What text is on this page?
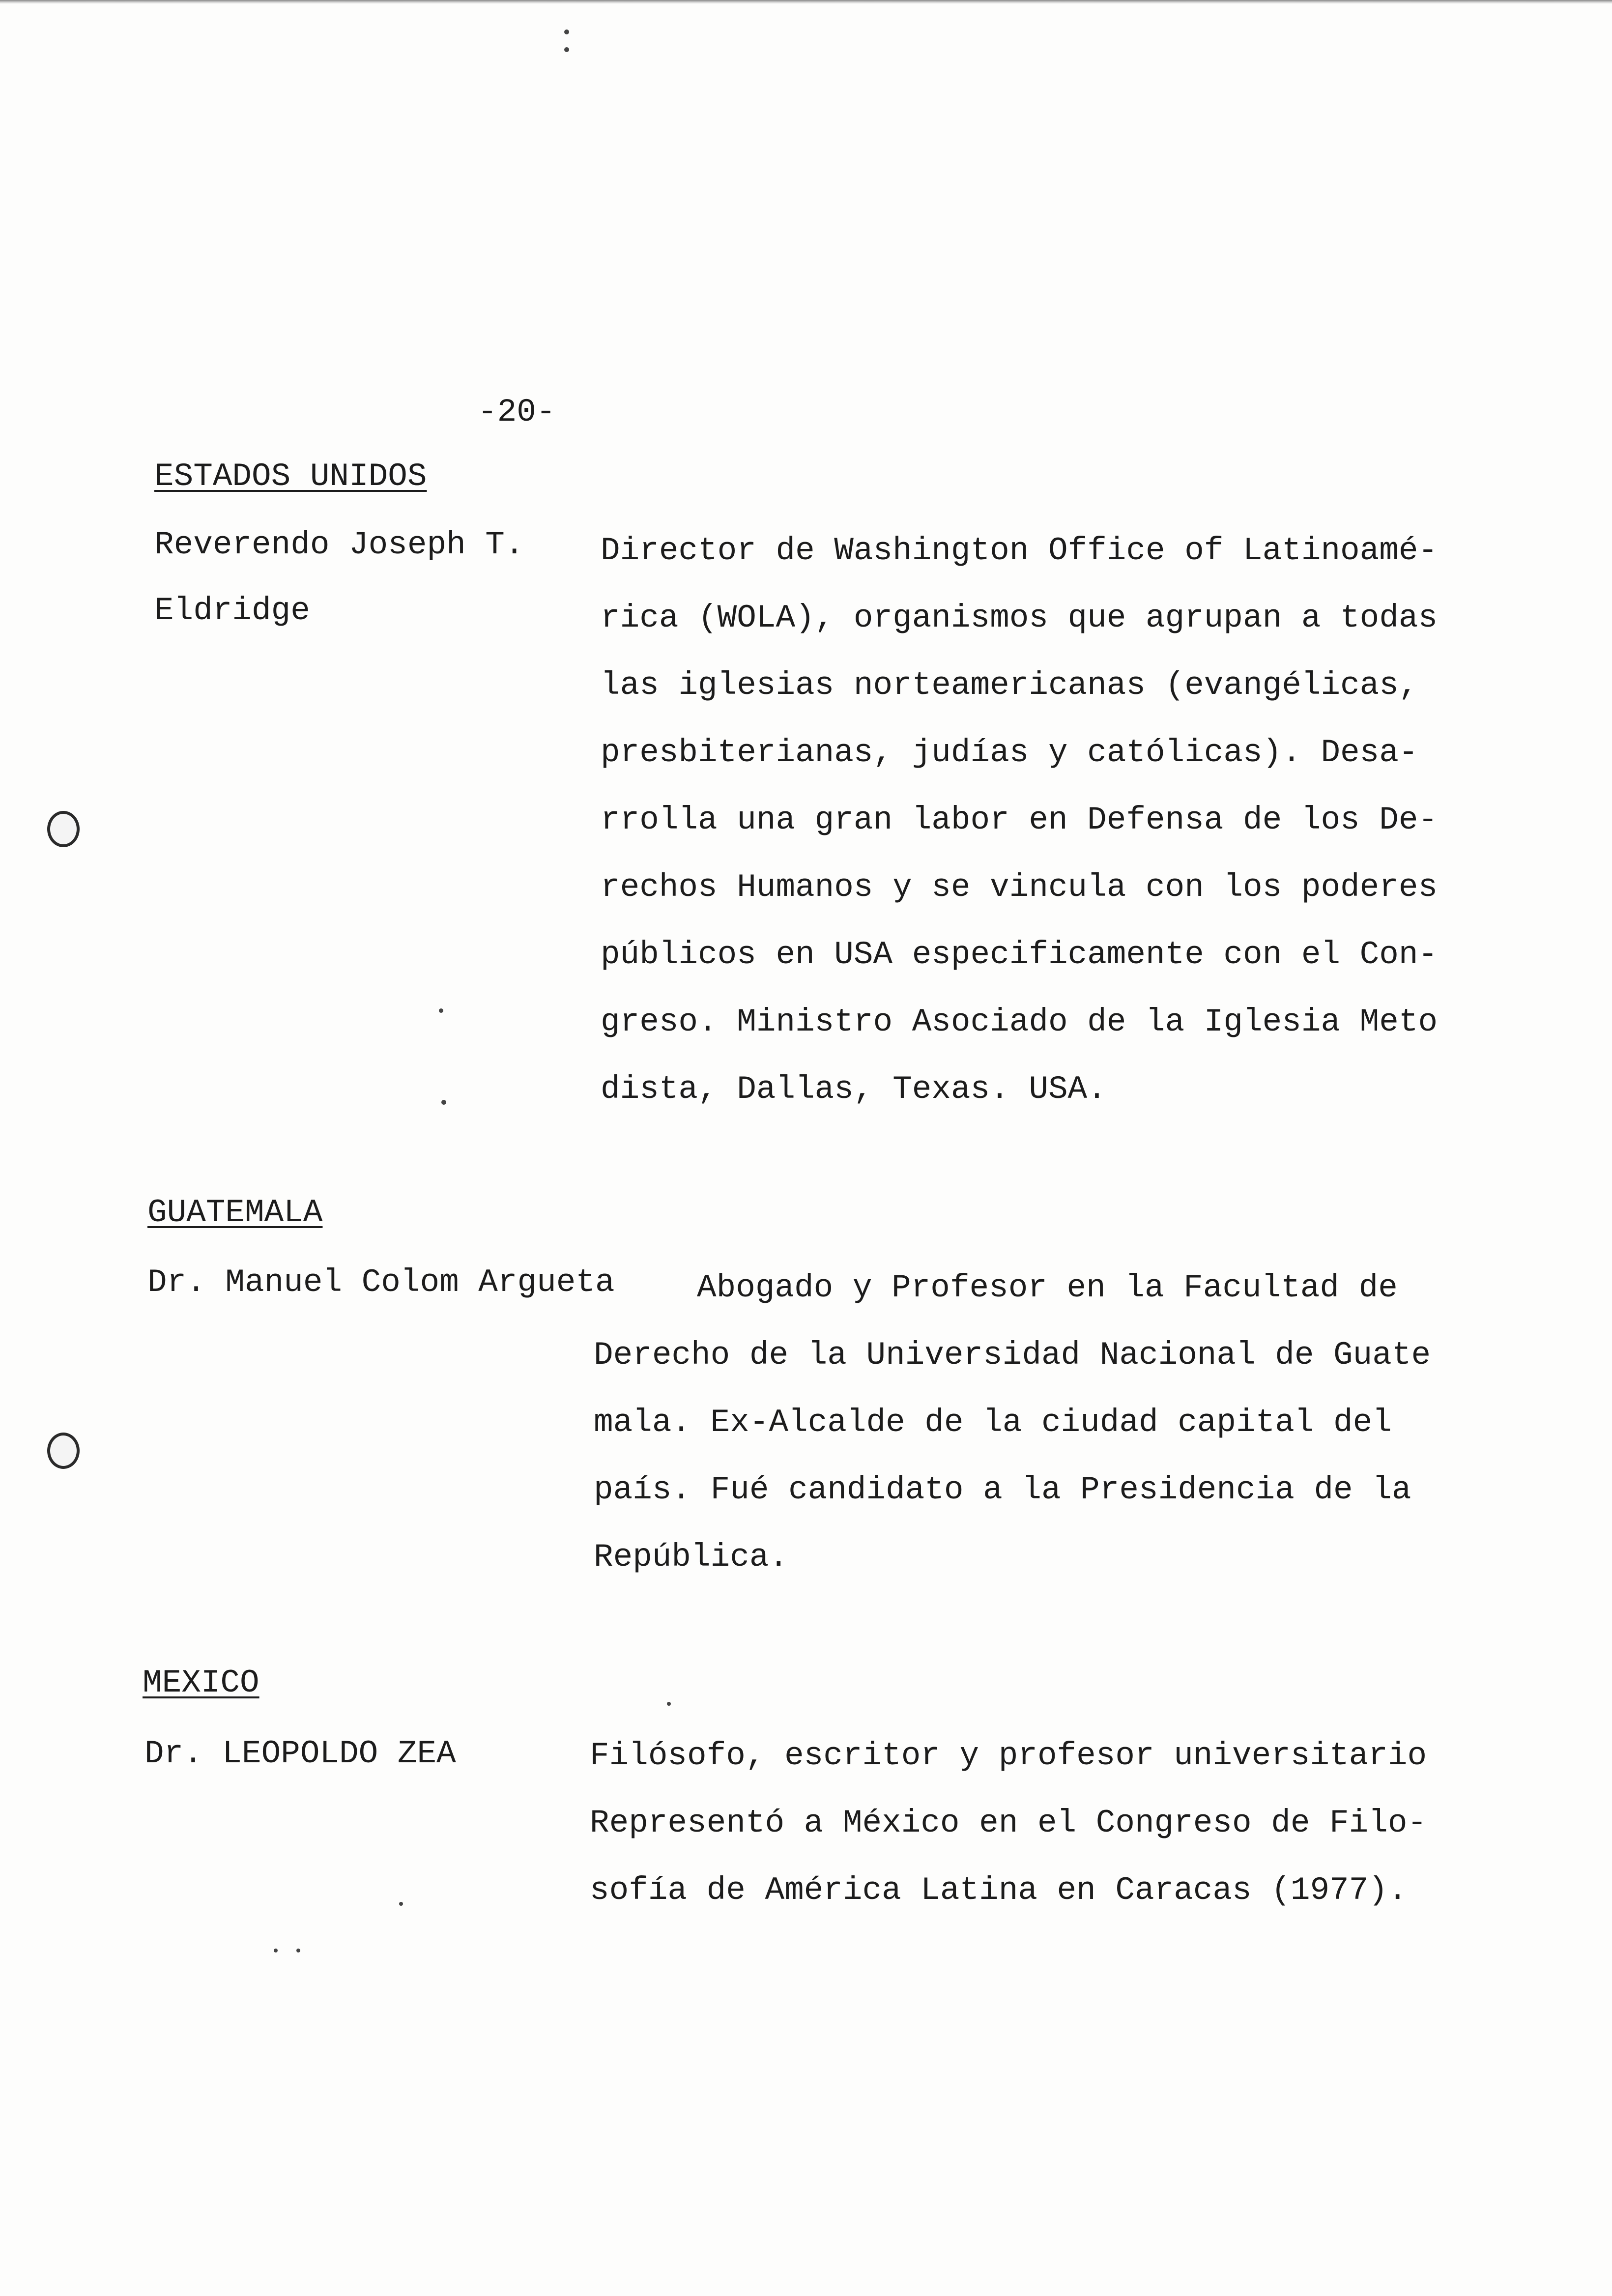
-20-
ESTADOS UNIDOS
Reverendo Joseph T.
Eldridge
Director de Washington Office of Latinoamé-
rica (WOLA), organismos que agrupan a todas
las iglesias norteamericanas (evangélicas,
presbiterianas, judías y católicas). Desa-
rrolla una gran labor en Defensa de los De-
rechos Humanos y se vincula con los poderes
públicos en USA especificamente con el Con-
greso. Ministro Asociado de la Iglesia Meto
dista, Dallas, Texas. USA.
GUATEMALA
Dr. Manuel Colom Argueta	Abogado y Profesor en la Facultad de
Derecho de la Universidad Nacional de Guate
mala. Ex-Alcalde de la ciudad capital del
país. Fué candidato a la Presidencia de la
República.
MEXICO
Dr. LEOPOLDO ZEA	Filósofo, escritor y profesor universitario
Representó a México en el Congreso de Filo-
sofía de América Latina en Caracas (1977).
